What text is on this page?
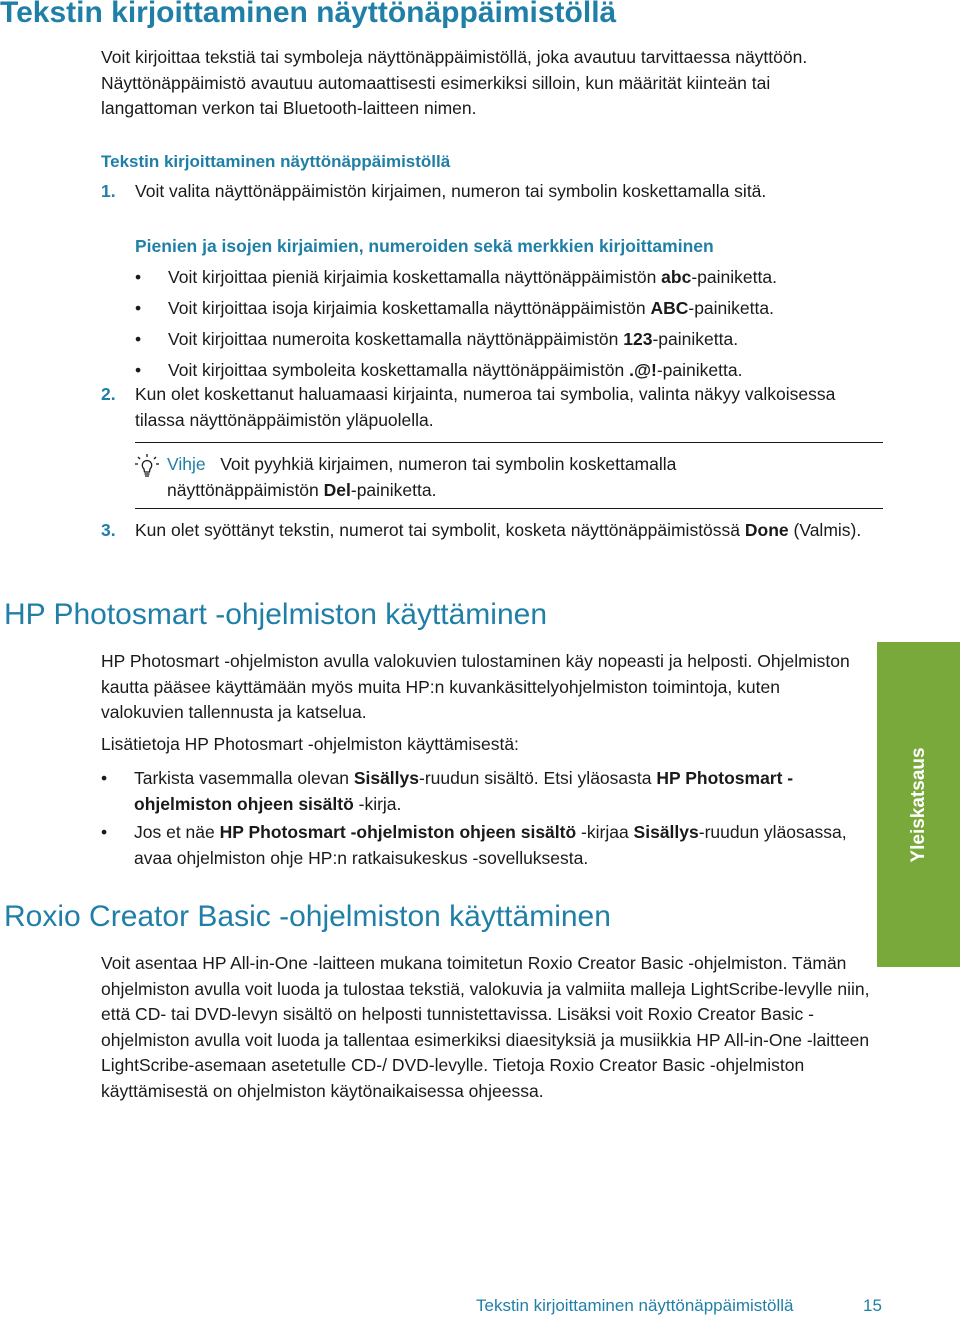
Tekstin kirjoittaminen näyttönäppäimistöllä
Voit kirjoittaa tekstiä tai symboleja näyttönäppäimistöllä, joka avautuu tarvittaessa näyttöön. Näyttönäppäimistö avautuu automaattisesti esimerkiksi silloin, kun määrität kiinteän tai langattoman verkon tai Bluetooth-laitteen nimen.
Tekstin kirjoittaminen näyttönäppäimistöllä
1. Voit valita näyttönäppäimistön kirjaimen, numeron tai symbolin koskettamalla sitä.
Pienien ja isojen kirjaimien, numeroiden sekä merkkien kirjoittaminen
• Voit kirjoittaa pieniä kirjaimia koskettamalla näyttönäppäimistön abc-painiketta.
• Voit kirjoittaa isoja kirjaimia koskettamalla näyttönäppäimistön ABC-painiketta.
• Voit kirjoittaa numeroita koskettamalla näyttönäppäimistön 123-painiketta.
• Voit kirjoittaa symboleita koskettamalla näyttönäppäimistön .@!-painiketta.
2. Kun olet koskettanut haluamaasi kirjainta, numeroa tai symbolia, valinta näkyy valkoisessa tilassa näyttönäppäimistön yläpuolella.
Vihje Voit pyyhkiä kirjaimen, numeron tai symbolin koskettamalla näyttönäppäimistön Del-painiketta.
3. Kun olet syöttänyt tekstin, numerot tai symbolit, kosketa näyttönäppäimistössä Done (Valmis).
HP Photosmart -ohjelmiston käyttäminen
HP Photosmart -ohjelmiston avulla valokuvien tulostaminen käy nopeasti ja helposti. Ohjelmiston kautta pääsee käyttämään myös muita HP:n kuvankäsittelyohjelmiston toimintoja, kuten valokuvien tallennusta ja katselua.
Lisätietoja HP Photosmart -ohjelmiston käyttämisestä:
• Tarkista vasemmalla olevan Sisällys-ruudun sisältö. Etsi yläosasta HP Photosmart -ohjelmiston ohjeen sisältö -kirja.
• Jos et näe HP Photosmart -ohjelmiston ohjeen sisältö -kirjaa Sisällys-ruudun yläosassa, avaa ohjelmiston ohje HP:n ratkaisukeskus -sovelluksesta.
Roxio Creator Basic -ohjelmiston käyttäminen
Voit asentaa HP All-in-One -laitteen mukana toimitetun Roxio Creator Basic -ohjelmiston. Tämän ohjelmiston avulla voit luoda ja tulostaa tekstiä, valokuvia ja valmiita malleja LightScribe-levylle niin, että CD- tai DVD-levyn sisältö on helposti tunnistettavissa. Lisäksi voit Roxio Creator Basic -ohjelmiston avulla voit luoda ja tallentaa esimerkiksi diaesityksiä ja musiikkia HP All-in-One -laitteen LightScribe-asemaan asetetulle CD-/ DVD-levylle. Tietoja Roxio Creator Basic -ohjelmiston käyttämisestä on ohjelmiston käytönaikaisessa ohjeessa.
Yleiskatsaus
Tekstin kirjoittaminen näyttönäppäimistöllä	15
